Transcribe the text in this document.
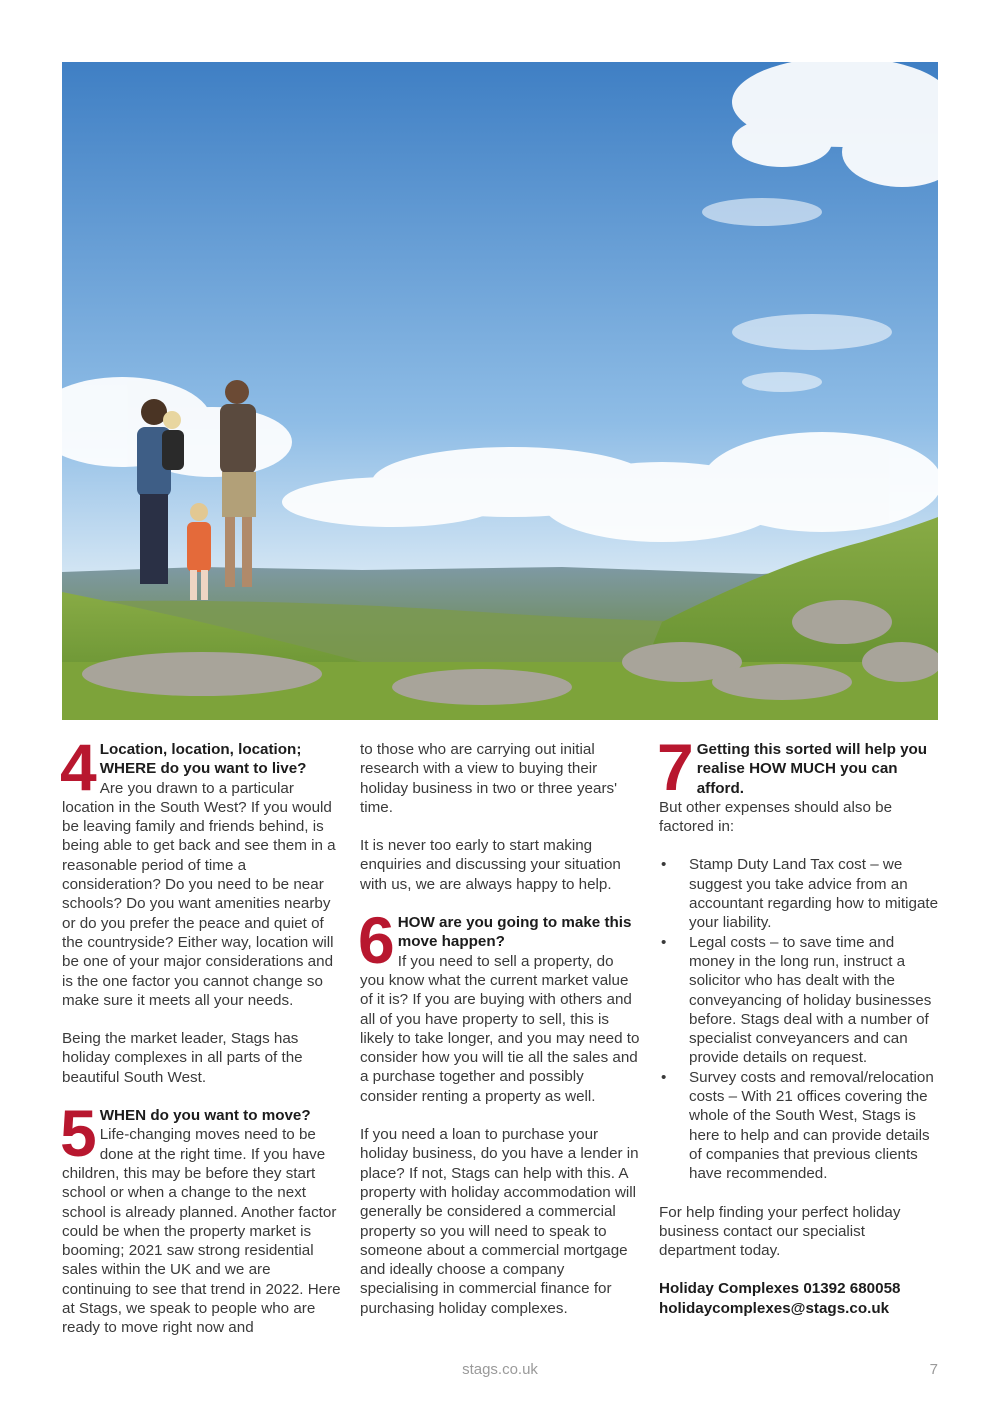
4 Location, location, location; WHERE do you want to live?
Are you drawn to a particular location in the South West? If you would be leaving family and friends behind, is being able to get back and see them in a reasonable period of time a consideration? Do you need to be near schools? Do you want amenities nearby or do you prefer the peace and quiet of the countryside? Either way, location will be one of your major considerations and is the one factor you cannot change so make sure it meets all your needs.

Being the market leader, Stags has holiday complexes in all parts of the beautiful South West.

5 WHEN do you want to move?
Life-changing moves need to be done at the right time. If you have children, this may be before they start school or when a change to the next school is already planned. Another factor could be when the property market is booming; 2021 saw strong residential sales within the UK and we are continuing to see that trend in 2022. Here at Stags, we speak to people who are ready to move right now and

to those who are carrying out initial research with a view to buying their holiday business in two or three years' time.

It is never too early to start making enquiries and discussing your situation with us, we are always happy to help.

6 HOW are you going to make this move happen?
If you need to sell a property, do you know what the current market value of it is? If you are buying with others and all of you have property to sell, this is likely to take longer, and you may need to consider how you will tie all the sales and a purchase together and possibly consider renting a property as well.

If you need a loan to purchase your holiday business, do you have a lender in place? If not, Stags can help with this. A property with holiday accommodation will generally be considered a commercial property so you will need to speak to someone about a commercial mortgage and ideally choose a company specialising in commercial finance for purchasing holiday complexes.

7 Getting this sorted will help you realise HOW MUCH you can afford.
But other expenses should also be factored in:
• Stamp Duty Land Tax cost – we suggest you take advice from an accountant regarding how to mitigate your liability.
• Legal costs – to save time and money in the long run, instruct a solicitor who has dealt with the conveyancing of holiday businesses before. Stags deal with a number of specialist conveyancers and can provide details on request.
• Survey costs and removal/relocation costs – With 21 offices covering the whole of the South West, Stags is here to help and can provide details of companies that previous clients have recommended.

For help finding your perfect holiday business contact our specialist department today.

Holiday Complexes 01392 680058
holidaycomplexes@stags.co.uk
stags.co.uk	7
